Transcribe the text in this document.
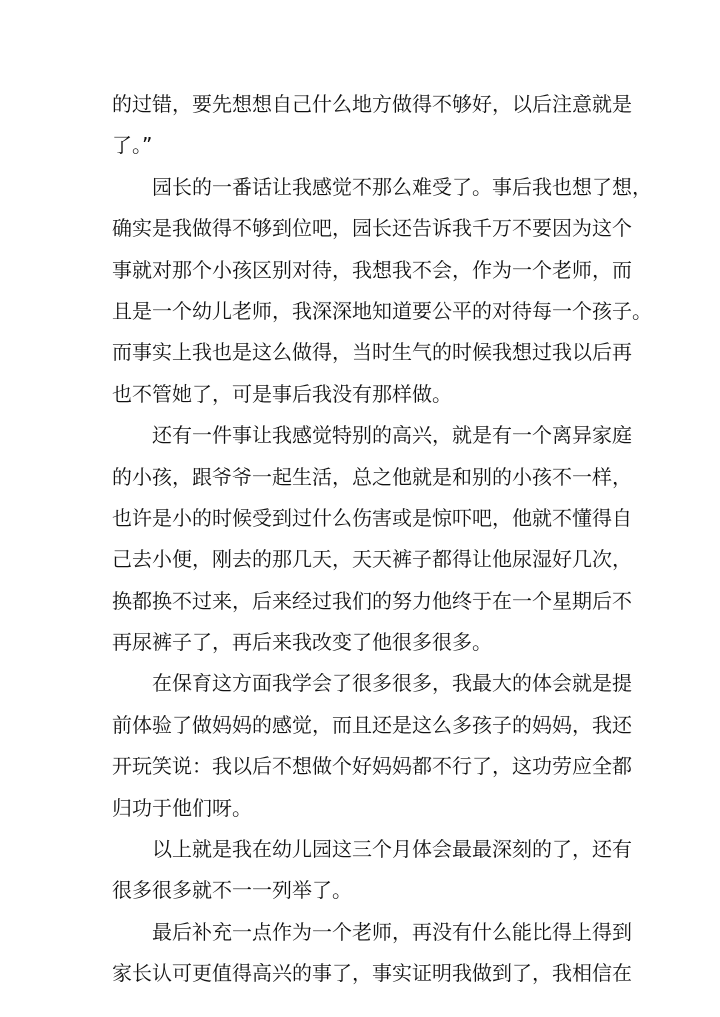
的过错，要先想想自己什么地方做得不够好，以后注意就是
了。”
园长的一番话让我感觉不那么难受了。事后我也想了想，
确实是我做得不够到位吧，园长还告诉我千万不要因为这个
事就对那个小孩区别对待，我想我不会，作为一个老师，而
且是一个幼儿老师，我深深地知道要公平的对待每一个孩子。
而事实上我也是这么做得，当时生气的时候我想过我以后再
也不管她了，可是事后我没有那样做。
还有一件事让我感觉特别的高兴，就是有一个离异家庭
的小孩，跟爷爷一起生活，总之他就是和别的小孩不一样，
也许是小的时候受到过什么伤害或是惊吓吧，他就不懂得自
己去小便，刚去的那几天，天天裤子都得让他尿湿好几次，
换都换不过来，后来经过我们的努力他终于在一个星期后不
再尿裤子了，再后来我改变了他很多很多。
在保育这方面我学会了很多很多，我最大的体会就是提
前体验了做妈妈的感觉，而且还是这么多孩子的妈妈，我还
开玩笑说：我以后不想做个好妈妈都不行了，这功劳应全都
归功于他们呀。
以上就是我在幼儿园这三个月体会最最深刻的了，还有
很多很多就不一一列举了。
最后补充一点作为一个老师，再没有什么能比得上得到
家长认可更值得高兴的事了，事实证明我做到了，我相信在
